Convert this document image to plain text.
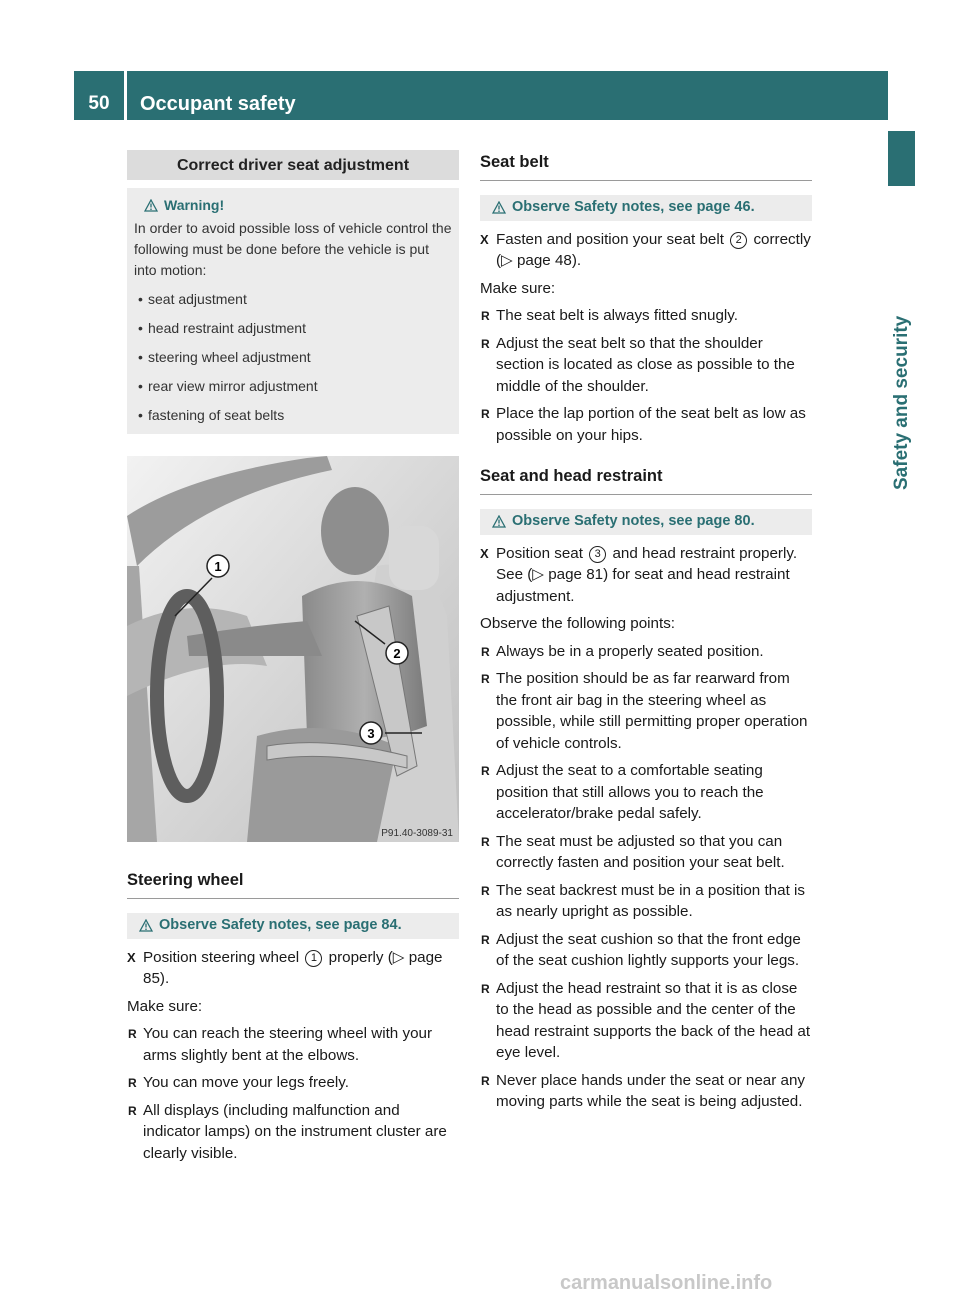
50	Occupant safety
Safety and security
Correct driver seat adjustment
Warning!
In order to avoid possible loss of vehicle control the following must be done before the vehicle is put into motion:
• seat adjustment
• head restraint adjustment
• steering wheel adjustment
• rear view mirror adjustment
• fastening of seat belts
1
2
3
P91.40-3089-31
Steering wheel
Observe Safety notes, see page 84.
X Position steering wheel 1 properly (▷ page 85).
Make sure:
R You can reach the steering wheel with your arms slightly bent at the elbows.
R You can move your legs freely.
R All displays (including malfunction and indicator lamps) on the instrument cluster are clearly visible.
Seat belt
Observe Safety notes, see page 46.
X Fasten and position your seat belt 2 correctly (▷ page 48).
Make sure:
R The seat belt is always fitted snugly.
R Adjust the seat belt so that the shoulder section is located as close as possible to the middle of the shoulder.
R Place the lap portion of the seat belt as low as possible on your hips.
Seat and head restraint
Observe Safety notes, see page 80.
X Position seat 3 and head restraint properly. See (▷ page 81) for seat and head restraint adjustment.
Observe the following points:
R Always be in a properly seated position.
R The position should be as far rearward from the front air bag in the steering wheel as possible, while still permitting proper operation of vehicle controls.
R Adjust the seat to a comfortable seating position that still allows you to reach the accelerator/brake pedal safely.
R The seat must be adjusted so that you can correctly fasten and position your seat belt.
R The seat backrest must be in a position that is as nearly upright as possible.
R Adjust the seat cushion so that the front edge of the seat cushion lightly supports your legs.
R Adjust the head restraint so that it is as close to the head as possible and the center of the head restraint supports the back of the head at eye level.
R Never place hands under the seat or near any moving parts while the seat is being adjusted.
carmanualsonline.info
